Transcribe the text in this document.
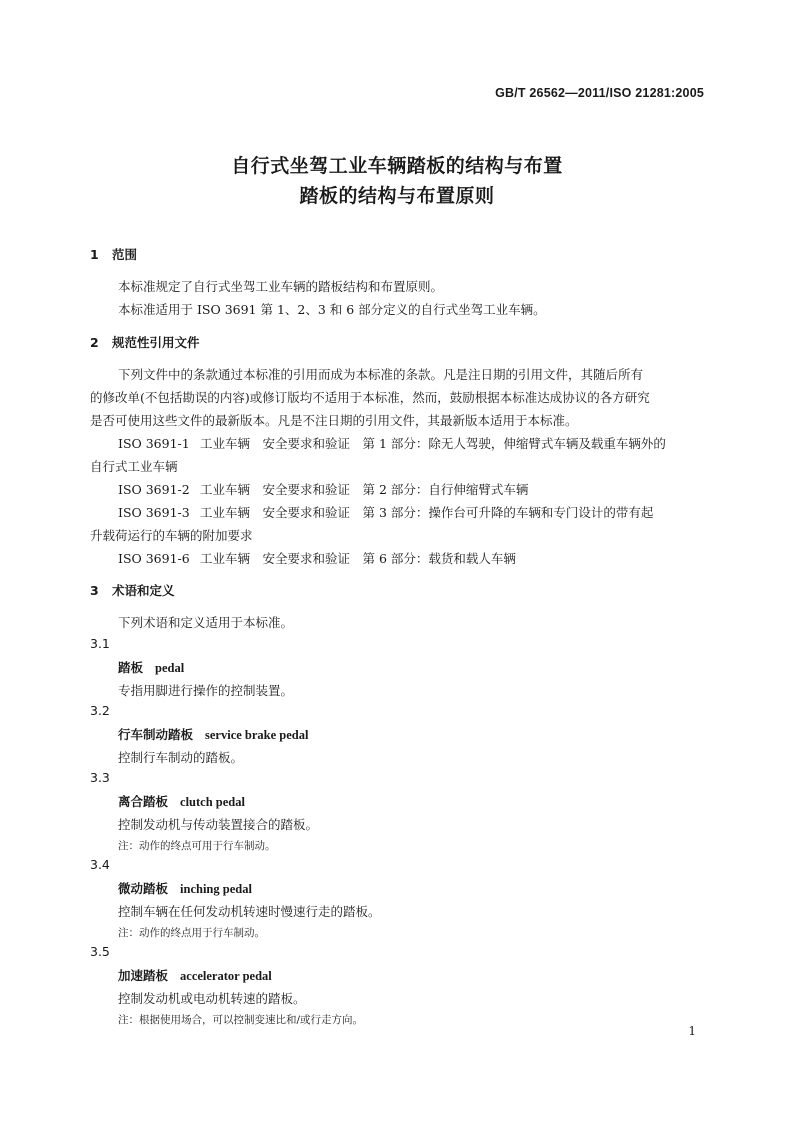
GB/T 26562—2011/ISO 21281:2005
自行式坐驾工业车辆踏板的结构与布置
踏板的结构与布置原则
1 范围
本标准规定了自行式坐驾工业车辆的踏板结构和布置原则。
本标准适用于 ISO 3691 第 1、2、3 和 6 部分定义的自行式坐驾工业车辆。
2 规范性引用文件
下列文件中的条款通过本标准的引用而成为本标准的条款。凡是注日期的引用文件，其随后所有
的修改单(不包括勘误的内容)或修订版均不适用于本标准，然而，鼓励根据本标准达成协议的各方研究
是否可使用这些文件的最新版本。凡是不注日期的引用文件，其最新版本适用于本标准。
ISO 3691-1 工业车辆　安全要求和验证　第 1 部分：除无人驾驶，伸缩臂式车辆及载重车辆外的
自行式工业车辆
ISO 3691-2 工业车辆　安全要求和验证　第 2 部分：自行伸缩臂式车辆
ISO 3691-3 工业车辆　安全要求和验证　第 3 部分：操作台可升降的车辆和专门设计的带有起
升载荷运行的车辆的附加要求
ISO 3691-6 工业车辆　安全要求和验证　第 6 部分：载货和载人车辆
3 术语和定义
下列术语和定义适用于本标准。
3.1
踏板 pedal
专指用脚进行操作的控制装置。
3.2
行车制动踏板 service brake pedal
控制行车制动的踏板。
3.3
离合踏板 clutch pedal
控制发动机与传动装置接合的踏板。
注：动作的终点可用于行车制动。
3.4
微动踏板 inching pedal
控制车辆在任何发动机转速时慢速行走的踏板。
注：动作的终点用于行车制动。
3.5
加速踏板 accelerator pedal
控制发动机或电动机转速的踏板。
注：根据使用场合，可以控制变速比和/或行走方向。
1
